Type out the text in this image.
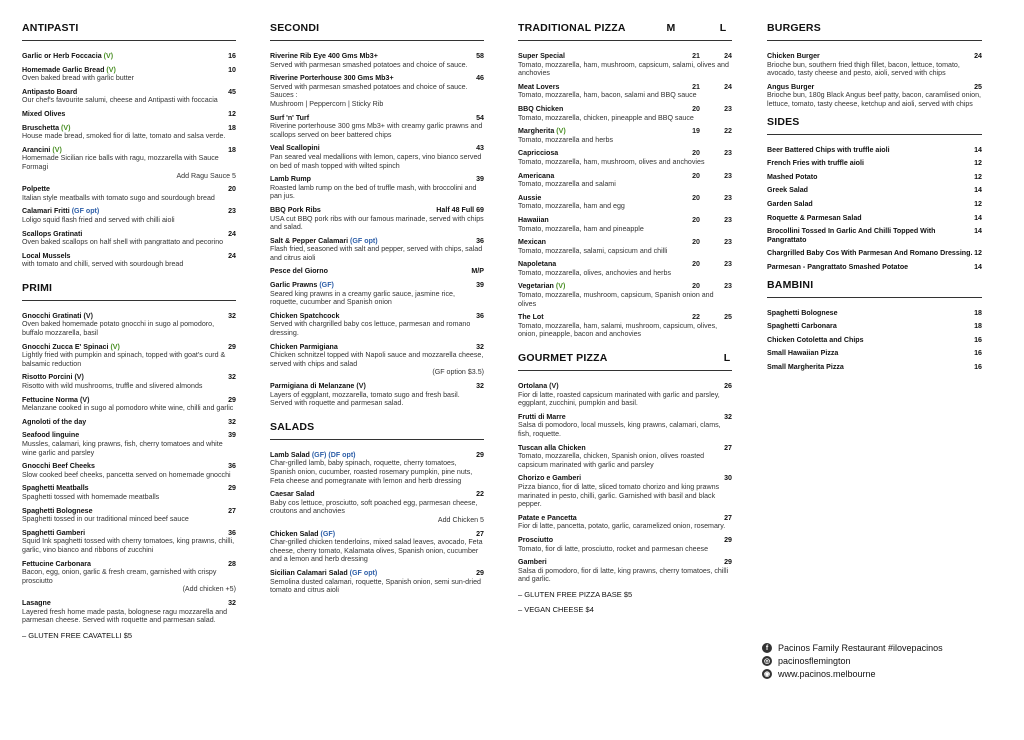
ANTIPASTI
Garlic or Herb Foccacia (V)	16
Homemade Garlic Bread (V)	10
Oven baked bread with garlic butter
Antipasto Board	45
Our chef's favourite salumi, cheese and Antipasti with foccacia
Mixed Olives	12
Bruschetta (V)	18
House made bread, smoked fior di latte, tomato and salsa verde.
Arancini (V)	18
Homemade Sicilian rice balls with ragu, mozzarella with Sauce Formagi
Add Ragu Sauce 5
Polpette	20
Italian style meatballs with tomato sugo and sourdough bread
Calamari Fritti (GF opt)	23
Loligo squid flash fried and served with chilli aioli
Scallops Gratinati	24
Oven baked scallops on half shell with pangrattato and pecorino
Local Mussels	24
with tomato and chilli, served with sourdough bread
PRIMI
Gnocchi Gratinati (V)	32
Oven baked homemade potato gnocchi in sugo al pomodoro, buffalo mozzarella, basil
Gnocchi Zucca E' Spinaci (V)	29
Lightly fried with pumpkin and spinach, topped with goat's curd & balsamic reduction
Risotto Porcini (V)	32
Risotto with wild mushrooms, truffle and slivered almonds
Fettucine Norma (V)	29
Melanzane cooked in sugo al pomodoro white wine, chilli and garlic
Agnoloti of the day	32
Seafood linguine	39
Mussles, calamari, king prawns, fish, cherry tomatoes and white wine garlic and parsley
Gnocchi Beef Cheeks	36
Slow cooked beef cheeks, pancetta served on homemade gnocchi
Spaghetti Meatballs	29
Spaghetti tossed with homemade meatballs
Spaghetti Bolognese	27
Spaghetti tossed in our traditional minced beef sauce
Spaghetti Gamberi	36
Squid Ink spaghetti tossed with cherry tomatoes, king prawns, chilli, garlic, vino bianco and ribbons of zucchini
Fettucine Carbonara	28
Bacon, egg, onion, garlic & fresh cream, garnished with crispy prosciutto
(Add chicken +5)
Lasagne	32
Layered fresh home made pasta, bolognese ragu mozzarella and parmesan cheese. Served with roquette and parmesan salad.
– GLUTEN FREE CAVATELLI $5
SECONDI
Riverine Rib Eye 400 Gms Mb3+	58
Served with parmesan smashed potatoes and choice of sauce.
Riverine Porterhouse 300 Gms Mb3+	46
Served with parmesan smashed potatoes and choice of sauce. Sauces :
Mushroom | Peppercorn | Sticky Rib
Surf 'n' Turf	54
Riverine porterhouse 300 gms Mb3+ with creamy garlic prawns and scallops served on beer battered chips
Veal Scallopini	43
Pan seared veal medallions with lemon, capers, vino bianco served on bed of mash topped with wilted spinch
Lamb Rump	39
Roasted lamb rump on the bed of truffle mash, with broccolini and pan jus.
BBQ Pork Ribs	Half 48 Full 69
USA cut BBQ pork ribs with our famous marinade, served with chips and salad.
Salt & Pepper Calamari (GF opt)	36
Flash fried, seasoned with salt and pepper, served with chips, salad and citrus aioli
Pesce del Giorno	M/P
Garlic Prawns (GF)	39
Seared king prawns in a creamy garlic sauce, jasmine rice, roquette, cucumber and Spanish onion
Chicken Spatchcock	36
Served with chargrilled baby cos lettuce, parmesan and romano dressing.
Chicken Parmigiana	32
Chicken schnitzel topped with Napoli sauce and mozzarella cheese, served with chips and salad
(GF option $3.5)
Parmigiana di Melanzane (V)	32
Layers of eggplant, mozzarella, tomato sugo and fresh basil. Served with roquette and parmesan salad.
SALADS
Lamb Salad (GF) (DF opt)	29
Char-grilled lamb, baby spinach, roquette, cherry tomatoes, Spanish onion, cucumber, roasted rosemary pumpkin, pine nuts, Feta cheese and pomegranate with lemon and herb dressing
Caesar Salad	22
Baby cos lettuce, prosciutto, soft poached egg, parmesan cheese, croutons and anchovies
Add Chicken 5
Chicken Salad (GF)	27
Char-grilled chicken tenderloins, mixed salad leaves, avocado, Feta cheese, cherry tomato, Kalamata olives, Spanish onion, cucumber and a lemon and herb dressing
Sicilian Calamari Salad (GF opt)	29
Semolina dusted calamari, roquette, Spanish onion, semi sun-dried tomato and citrus aioli
TRADITIONAL PIZZA	M	L
Super Special	21	24
Tomato, mozzarella, ham, mushroom, capsicum, salami, olives and anchovies
Meat Lovers	21	24
Tomato, mozzarella, ham, bacon, salami and BBQ sauce
BBQ Chicken	20	23
Tomato, mozzarella, chicken, pineapple and BBQ sauce
Margherita (V)	19	22
Tomato, mozzarella and herbs
Capricciosa	20	23
Tomato, mozzarella, ham, mushroom, olives and anchovies
Americana	20	23
Tomato, mozzarella and salami
Aussie	20	23
Tomato, mozzarella, ham and egg
Hawaiian	20	23
Tomato, mozzarella, ham and pineapple
Mexican	20	23
Tomato, mozzarella, salami, capsicum and chilli
Napoletana	20	23
Tomato, mozzarella, olives, anchovies and herbs
Vegetarian (V)	20	23
Tomato, mozzarella, mushroom, capsicum, Spanish onion and olives
The Lot	22	25
Tomato, mozzarella, ham, salami, mushroom, capsicum, olives, onion, pineapple, bacon and anchovies
GOURMET PIZZA	L
Ortolana (V)	26
Fior di latte, roasted capsicum marinated with garlic and parsley, eggplant, zucchini, pumpkin and basil.
Frutti di Marre	32
Salsa di pomodoro, local mussels, king prawns, calamari, clams, fish, roquette.
Tuscan alla Chicken	27
Tomato, mozzarella, chicken, Spanish onion, olives roasted capsicum marinated with garlic and parsley
Chorizo e Gamberi	30
Pizza bianco, fior di latte, sliced tomato chorizo and king prawns marinated in pesto, chilli, garlic. Garnished with basil and black pepper.
Patate e Pancetta	27
Fior di latte, pancetta, potato, garlic, caramelized onion, rosemary.
Prosciutto	29
Tomato, fior di latte, prosciutto, rocket and parmesan cheese
Gamberi	29
Salsa di pomodoro, fior di latte, king prawns, cherry tomatoes, chilli and garlic.
– GLUTEN FREE PIZZA BASE $5
– VEGAN CHEESE $4
BURGERS
Chicken Burger	24
Brioche bun, southern fried thigh fillet, bacon, lettuce, tomato, avocado, tasty cheese and pesto, aioli, served with chips
Angus Burger	25
Brioche bun, 180g Black Angus beef patty, bacon, caramlised onion, lettuce, tomato, tasty cheese, ketchup and aioli, served with chips
SIDES
Beer Battered Chips with truffle aioli	14
French Fries with truffle aioli	12
Mashed Potato	12
Greek Salad	14
Garden Salad	12
Roquette & Parmesan Salad	14
Brocollini Tossed In Garlic And Chilli Topped With Pangrattato
14
Chargrilled Baby Cos With Parmesan And Romano Dressing. 12
Parmesan - Pangrattato Smashed Potatoe	14
BAMBINI
Spaghetti Bolognese	18
Spaghetti Carbonara	18
Chicken Cotoletta and Chips	16
Small Hawaiian Pizza	16
Small Margherita Pizza	16
f	Pacinos Family Restaurant #ilovepacinos
◎ pacinosflemington
◉ www.pacinos.melbourne
